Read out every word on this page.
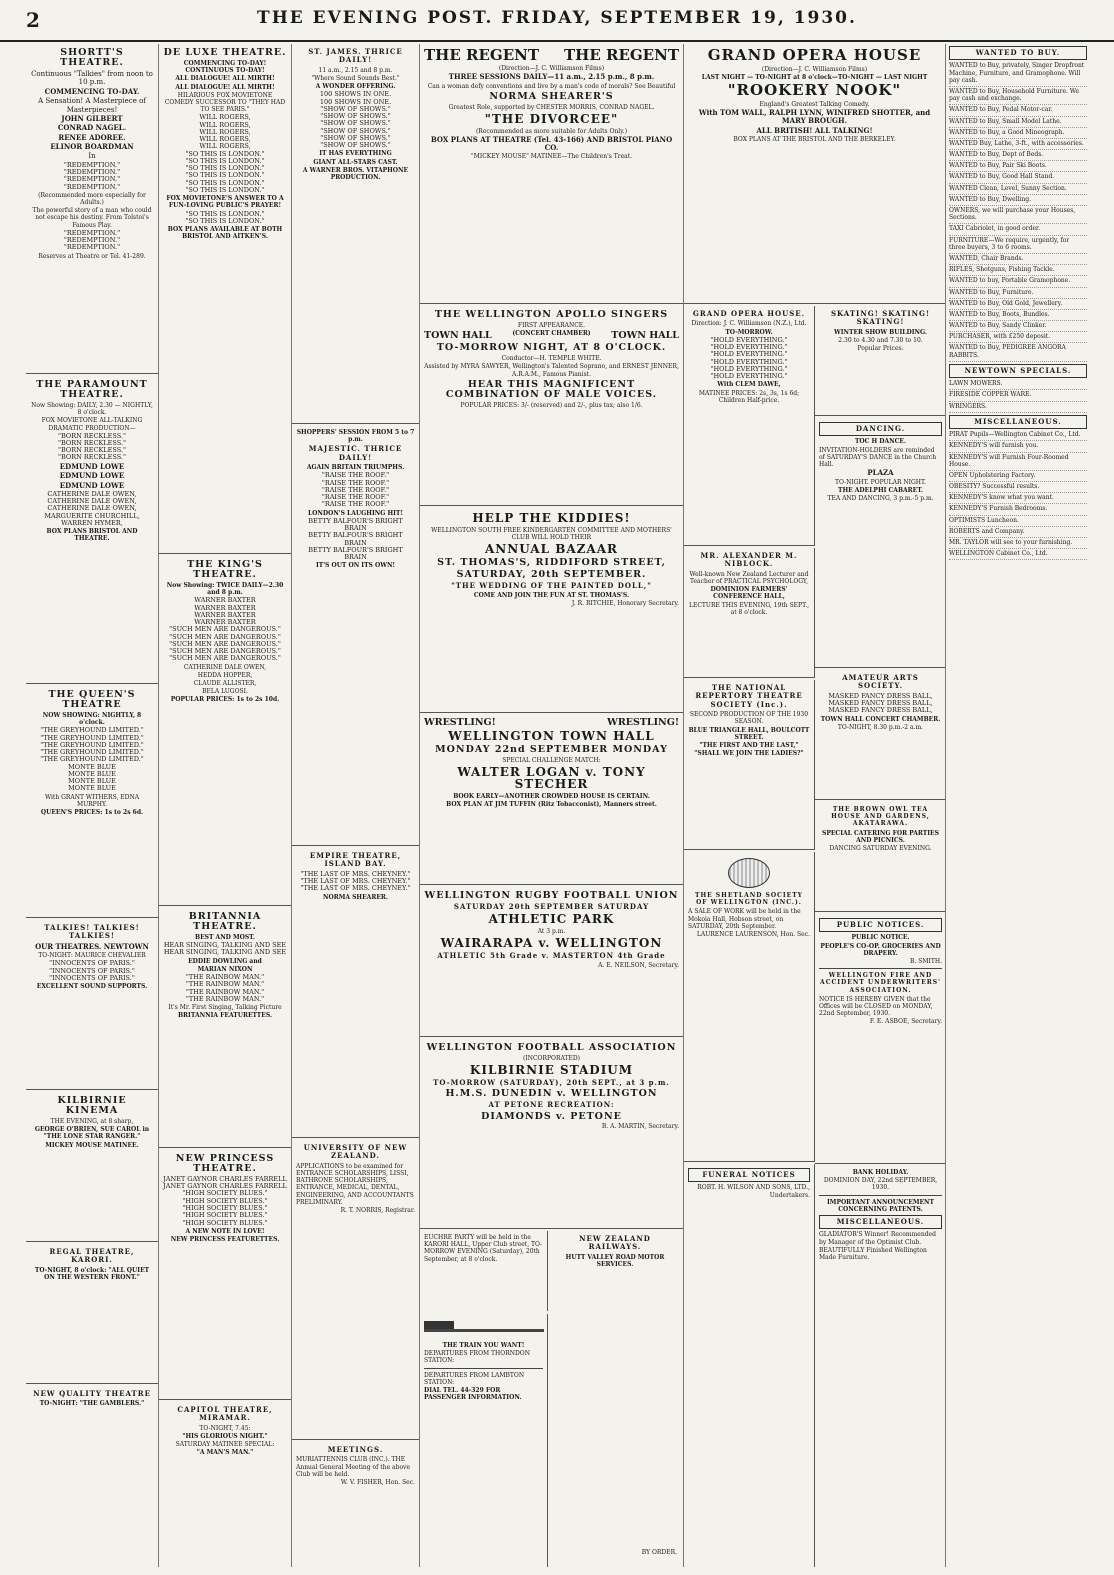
2	THE EVENING POST. FRIDAY, SEPTEMBER 19, 1930.
SHORTT'S THEATRE.

Continuous "Talkies" from noon to 10 p.m.

COMMENCING TO-DAY.

A Sensation! A Masterpiece of Masterpieces!

JOHN GILBERT

CONRAD NAGEL.

RENEE ADOREE.

ELINOR BOARDMAN

In

"REDEMPTION."

"REDEMPTION."

"REDEMPTION."

"REDEMPTION."

(Recommended more especially for Adults.)

The powerful story of a man who could not escape his destiny. From Tolstoi's Famous Play.

"REDEMPTION."

"REDEMPTION."

"REDEMPTION."

Reserves at Theatre or Tel. 41-289.

THE PARAMOUNT THEATRE.

Now Showing: DAILY, 2.30 — NIGHTLY, 8 o'clock.

FOX MOVIETONE ALL-TALKING DRAMATIC PRODUCTION—

"BORN RECKLESS."

"BORN RECKLESS."

"BORN RECKLESS."

"BORN RECKLESS."

EDMUND LOWE

EDMUND LOWE

EDMUND LOWE

CATHERINE DALE OWEN,

CATHERINE DALE OWEN,

CATHERINE DALE OWEN,

MARGUERITE CHURCHILL,

WARREN HYMER,

BOX PLANS BRISTOL AND THEATRE.

THE QUEEN'S THEATRE

NOW SHOWING: NIGHTLY, 8 o'clock.

"THE GREYHOUND LIMITED."

"THE GREYHOUND LIMITED."

"THE GREYHOUND LIMITED."

"THE GREYHOUND LIMITED."

"THE GREYHOUND LIMITED."

MONTE BLUE

MONTE BLUE

MONTE BLUE

MONTE BLUE

With GRANT WITHERS, EDNA MURPHY.

QUEEN'S PRICES: 1s to 2s 6d.

TALKIES! TALKIES! TALKIES!

OUR THEATRES. NEWTOWN

TO-NIGHT: MAURICE CHEVALIER

"INNOCENTS OF PARIS."

"INNOCENTS OF PARIS."

"INNOCENTS OF PARIS."

EXCELLENT SOUND SUPPORTS.

KILBIRNIE KINEMA

THE EVENING, at 8 sharp,

GEORGE O'BRIEN, SUE CAROL in "THE LONE STAR RANGER."

MICKEY MOUSE MATINEE.

REGAL THEATRE, KARORI.

TO-NIGHT, 8 o'clock: "ALL QUIET ON THE WESTERN FRONT."

NEW QUALITY THEATRE

TO-NIGHT: "THE GAMBLERS."

DE LUXE THEATRE.

COMMENCING TO-DAY! CONTINUOUS TO-DAY!

ALL DIALOGUE! ALL MIRTH!

ALL DIALOGUE! ALL MIRTH!

HILARIOUS FOX MOVIETONE COMEDY SUCCESSOR TO "THEY HAD TO SEE PARIS."

WILL ROGERS,

WILL ROGERS,

WILL ROGERS,

WILL ROGERS,

WILL ROGERS,

"SO THIS IS LONDON."

"SO THIS IS LONDON."

"SO THIS IS LONDON."

"SO THIS IS LONDON."

"SO THIS IS LONDON."

"SO THIS IS LONDON."

FOX MOVIETONE'S ANSWER TO A FUN-LOVING PUBLIC'S PRAYER!

"SO THIS IS LONDON."

"SO THIS IS LONDON."

BOX PLANS AVAILABLE AT BOTH BRISTOL AND AITKEN'S.

THE KING'S THEATRE.

Now Showing: TWICE DAILY—2.30 and 8 p.m.

WARNER BAXTER

WARNER BAXTER

WARNER BAXTER

WARNER BAXTER

"SUCH MEN ARE DANGEROUS."

"SUCH MEN ARE DANGEROUS."

"SUCH MEN ARE DANGEROUS."

"SUCH MEN ARE DANGEROUS."

"SUCH MEN ARE DANGEROUS."

CATHERINE DALE OWEN,

HEDDA HOPPER,

CLAUDE ALLISTER,

BELA LUGOSI.

POPULAR PRICES: 1s to 2s 10d.

BRITANNIA THEATRE.

BEST AND MOST.

HEAR SINGING, TALKING AND SEE

HEAR SINGING, TALKING AND SEE

EDDIE DOWLING and

MARIAN NIXON

"THE RAINBOW MAN."

"THE RAINBOW MAN."

"THE RAINBOW MAN."

"THE RAINBOW MAN."

It's Mr. First Singing, Talking Picture

BRITANNIA FEATURETTES.

NEW PRINCESS THEATRE.

JANET GAYNOR CHARLES FARRELL

JANET GAYNOR CHARLES FARRELL

"HIGH SOCIETY BLUES."

"HIGH SOCIETY BLUES."

"HIGH SOCIETY BLUES."

"HIGH SOCIETY BLUES."

"HIGH SOCIETY BLUES."

A NEW NOTE IN LOVE!

NEW PRINCESS FEATURETTES.

CAPITOL THEATRE, MIRAMAR.

TO-NIGHT, 7.45:

"HIS GLORIOUS NIGHT."

SATURDAY MATINEE SPECIAL:

"A MAN'S MAN."

ST. JAMES. THRICE DAILY!

11 a.m., 2.15 and 8 p.m.

"Where Sound Sounds Best."

A WONDER OFFERING.

100 SHOWS IN ONE.

100 SHOWS IN ONE.

"SHOW OF SHOWS."

"SHOW OF SHOWS."

"SHOW OF SHOWS."

"SHOW OF SHOWS."

"SHOW OF SHOWS."

"SHOW OF SHOWS."

IT HAS EVERYTHING

GIANT ALL-STARS CAST.

A WARNER BROS. VITAPHONE PRODUCTION.

SHOPPERS' SESSION FROM 5 to 7 p.m.

MAJESTIC. THRICE DAILY!

AGAIN BRITAIN TRIUMPHS.

"RAISE THE ROOF."

"RAISE THE ROOF."

"RAISE THE ROOF."

"RAISE THE ROOF."

"RAISE THE ROOF."

LONDON'S LAUGHING HIT!

BETTY BALFOUR'S BRIGHT BRAIN

BETTY BALFOUR'S BRIGHT BRAIN

BETTY BALFOUR'S BRIGHT BRAIN

IT'S OUT ON ITS OWN!

EMPIRE THEATRE, ISLAND BAY.

"THE LAST OF MRS. CHEYNEY."

"THE LAST OF MRS. CHEYNEY."

"THE LAST OF MRS. CHEYNEY."

NORMA SHEARER.

UNIVERSITY OF NEW ZEALAND.

APPLICATIONS to be examined for ENTRANCE SCHOLARSHIPS, LISSI, BATHRONE SCHOLARSHIPS, ENTRANCE, MEDICAL, DENTAL, ENGINEERING, AND ACCOUNTANTS PRELIMINARY.

R. T. NORRIS, Registrar.

MEETINGS.

MURIATTENNIS CLUB (INC.). THE Annual General Meeting of the above Club will be held.

W. V. FISHER, Hon. Sec.

THE REGENT THE REGENT

(Direction—J. C. Williamson Films)

THREE SESSIONS DAILY—11 a.m., 2.15 p.m., 8 p.m.

Can a woman defy conventions and live by a man's code of morals? See Beautiful

NORMA SHEARER'S

Greatest Role, supported by CHESTER MORRIS, CONRAD NAGEL.

"THE DIVORCEE"

(Recommended as more suitable for Adults Only.)

BOX PLANS AT THEATRE (Tel. 43-166) AND BRISTOL PIANO CO.

"MICKEY MOUSE" MATINEE—The Children's Treat.

THE WELLINGTON APOLLO SINGERS

FIRST APPEARANCE.

TOWN HALL	(CONCERT CHAMBER) TOWN HALL
TO-MORROW NIGHT, AT 8 O'CLOCK.

Conductor—H. TEMPLE WHITE.

Assisted by MYRA SAWYER, Wellington's Talented Soprano, and ERNEST JENNER, A.R.A.M., Famous Pianist.

HEAR THIS MAGNIFICENT COMBINATION OF MALE VOICES.

POPULAR PRICES: 3/- (reserved) and 2/-, plus tax; also 1/6.

HELP THE KIDDIES!

WELLINGTON SOUTH FREE KINDERGARTEN COMMITTEE AND MOTHERS' CLUB WILL HOLD THEIR

ANNUAL BAZAAR
ST. THOMAS'S, RIDDIFORD STREET,
SATURDAY, 20th SEPTEMBER.
"THE WEDDING OF THE PAINTED DOLL,"

COME AND JOIN THE FUN AT ST. THOMAS'S.

J. R. RITCHIE, Honorary Secretary.

WRESTLING!	WRESTLING!
WELLINGTON TOWN HALL
MONDAY 22nd SEPTEMBER MONDAY

SPECIAL CHALLENGE MATCH:

WALTER LOGAN v. TONY STECHER

BOOK EARLY—ANOTHER CROWDED HOUSE IS CERTAIN.

BOX PLAN AT JIM TUFFIN (Ritz Tobacconist), Manners street.

WELLINGTON RUGBY FOOTBALL UNION
SATURDAY 20th SEPTEMBER SATURDAY
ATHLETIC PARK

At 3 p.m.

WAIRARAPA v. WELLINGTON
ATHLETIC 5th Grade v. MASTERTON 4th Grade

A. E. NEILSON, Secretary.

WELLINGTON FOOTBALL ASSOCIATION

(INCORPORATED)

KILBIRNIE STADIUM
TO-MORROW (SATURDAY), 20th SEPT., at 3 p.m.
H.M.S. DUNEDIN v. WELLINGTON
AT PETONE RECREATION:
DIAMONDS v. PETONE

B. A. MARTIN, Secretary.

EUCHRE PARTY will be held in the KARORI HALL, Upper Club street, TO-MORROW EVENING (Saturday), 20th September, at 8 o'clock.

NEW ZEALAND RAILWAYS.

HUTT VALLEY ROAD MOTOR SERVICES.

THE TRAIN YOU WANT!

DEPARTURES FROM THORNDON STATION:

DEPARTURES FROM LAMBTON STATION:

DIAL TEL. 44-329 FOR PASSENGER INFORMATION.

BY ORDER.

GRAND OPERA HOUSE

(Direction—J. C. Williamson Films)

LAST NIGHT — TO-NIGHT at 8 o'clock—TO-NIGHT — LAST NIGHT

"ROOKERY NOOK"

England's Greatest Talking Comedy.

With TOM WALL, RALPH LYNN, WINIFRED SHOTTER, and MARY BROUGH.

ALL BRITISH! ALL TALKING!

BOX PLANS AT THE BRISTOL AND THE BERKELEY.

GRAND OPERA HOUSE.

Direction: J. C. Williamson (N.Z.), Ltd.

TO-MORROW.

"HOLD EVERYTHING."

"HOLD EVERYTHING."

"HOLD EVERYTHING."

"HOLD EVERYTHING."

"HOLD EVERYTHING."

"HOLD EVERYTHING."

With CLEM DAWE,

MATINEE PRICES: 2s, 3s, 1s 6d; Children Half-price.

SKATING! SKATING! SKATING!

WINTER SHOW BUILDING.

2.30 to 4.30 and 7.30 to 10.

Popular Prices.

DANCING.

TOC H DANCE.

INVITATION-HOLDERS are reminded of SATURDAY'S DANCE in the Church Hall.

PLAZA

TO-NIGHT. POPULAR NIGHT.

THE ADELPHI CABARET.

TEA AND DANCING, 3 p.m.-5 p.m.

MR. ALEXANDER M. NIBLOCK.

Well-known New Zealand Lecturer and Teacher of PRACTICAL PSYCHOLOGY,

DOMINION FARMERS' CONFERENCE HALL,

LECTURE THIS EVENING, 19th SEPT., at 8 o'clock.

THE NATIONAL REPERTORY THEATRE SOCIETY (Inc.).

SECOND PRODUCTION OF THE 1930 SEASON.

BLUE TRIANGLE HALL, BOULCOTT STREET.

"THE FIRST AND THE LAST,"

"SHALL WE JOIN THE LADIES?"

AMATEUR ARTS SOCIETY.

MASKED FANCY DRESS BALL,

MASKED FANCY DRESS BALL,

MASKED FANCY DRESS BALL,

TOWN HALL CONCERT CHAMBER.

TO-NIGHT, 8.30 p.m.-2 a.m.

THE BROWN OWL TEA HOUSE AND GARDENS, AKATARAWA.

SPECIAL CATERING FOR PARTIES AND PICNICS.

DANCING SATURDAY EVENING.

THE SHETLAND SOCIETY OF WELLINGTON (INC.).

A SALE OF WORK will be held in the Mokoia Hall, Hobson street, on SATURDAY, 20th September.

LAURENCE LAURENSON, Hon. Sec.

PUBLIC NOTICES.

PUBLIC NOTICE.

PEOPLE'S CO-OP. GROCERIES AND DRAPERY.

B. SMITH.

WELLINGTON FIRE AND ACCIDENT UNDERWRITERS' ASSOCIATION.

NOTICE IS HEREBY GIVEN that the Offices will be CLOSED on MONDAY, 22nd September, 1930.

F. E. ASBOE, Secretary.

FUNERAL NOTICES

ROBT. H. WILSON AND SONS, LTD., Undertakers.

BANK HOLIDAY.

DOMINION DAY, 22nd SEPTEMBER, 1930.

IMPORTANT ANNOUNCEMENT CONCERNING PATENTS.

MISCELLANEOUS.

GLADIATOR'S Winner! Recommended by Manager of the Optimist Club.

BEAUTIFULLY Finished Wellington Made Furniture.

WANTED TO BUY.

WANTED to Buy, privately, Singer Dropfront Machine, Furniture, and Gramophone. Will pay cash.

WANTED to Buy, Household Furniture. We pay cash and exchange.

WANTED to Buy, Pedal Motor-car.

WANTED to Buy, Small Model Lathe.

WANTED to Buy, a Good Mineograph.

WANTED Buy, Lathe, 3-ft., with accessories.

WANTED to Buy, Dept of Beds.

WANTED to Buy, Pair Ski Boots.

WANTED to Buy, Good Hall Stand.

WANTED Clean, Level, Sunny Section.

WANTED to Buy, Dwelling.

OWNERS, we will purchase your Houses, Sections.

TAXI Cabriolet, in good order.

FURNITURE—We require, urgently, for three buyers, 3 to 6 rooms.

WANTED, Chair Brands.

RIFLES, Shotguns, Fishing Tackle.

WANTED to buy, Portable Gramophone.

WANTED to Buy, Furniture.

WANTED to Buy, Old Gold, Jewellery.

WANTED to Buy, Boots, Bundles.

WANTED to Buy, Sandy Clinker.

PURCHASER, with £250 deposit.

WANTED to Buy, PEDIGREE ANGORA RABBITS.

NEWTOWN SPECIALS.

LAWN MOWERS.

FIRESIDE COPPER WARE.

WRINGERS.

MISCELLANEOUS.

PIRAT Pupils—Wellington Cabinet Co., Ltd.

KENNEDY'S will furnish you.

KENNEDY'S will Furnish Four-Roomed House.

OPEN Upholstering Factory.

OBESITY? Successful results.

KENNEDY'S know what you want.

KENNEDY'S Furnish Bedrooms.

OPTIMISTS Luncheon.

ROBERTS and Company.

MR. TAYLOR will see to your furnishing.

WELLINGTON Cabinet Co., Ltd.
